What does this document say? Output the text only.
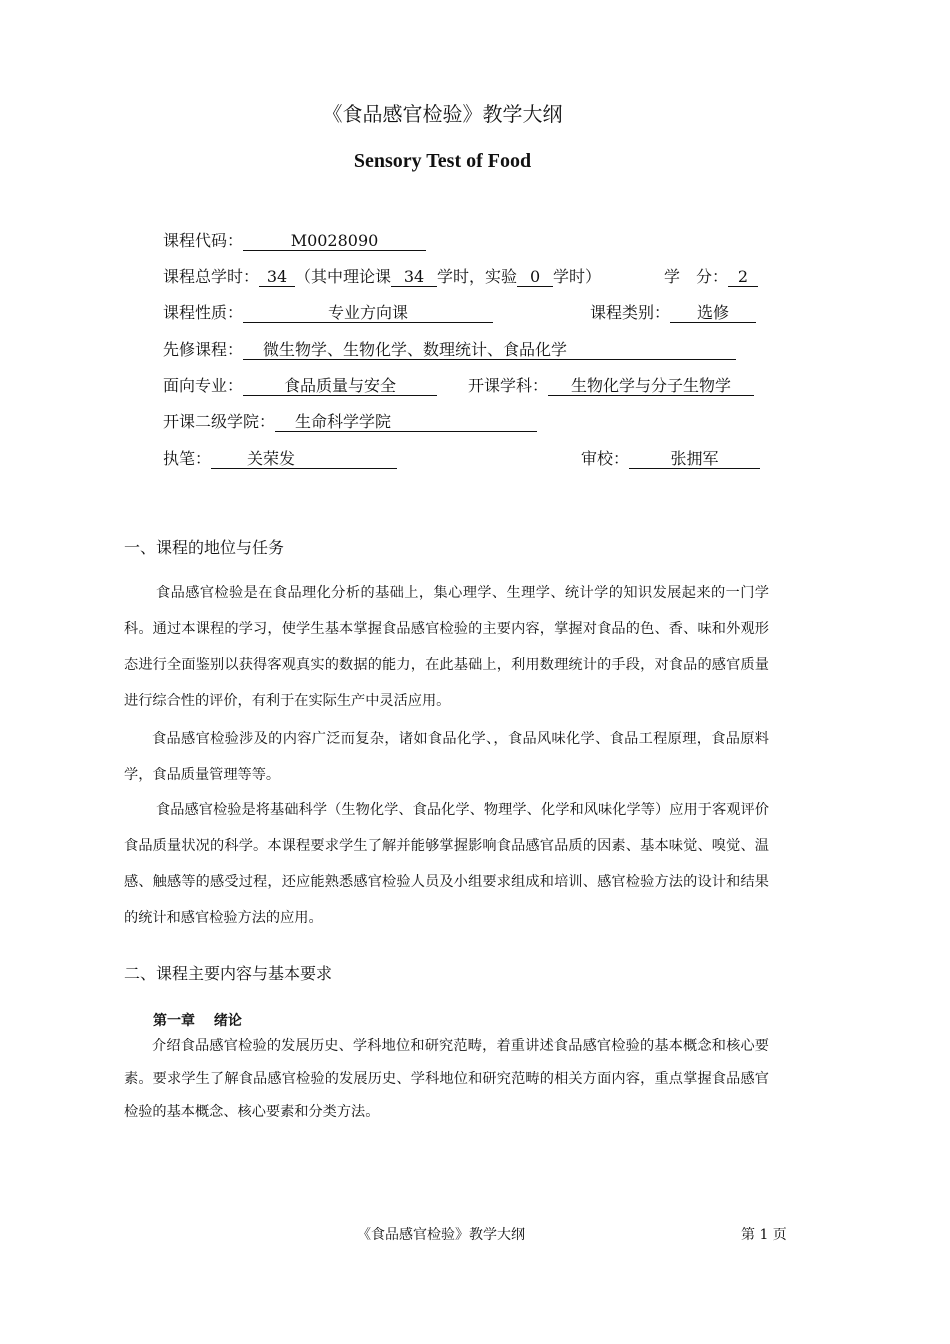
《食品感官检验》教学大纲
Sensory Test of Food
课程代码：	M0028090
课程总学时： 34 （其中理论课 34 学时，实验 0 学时）	学　分： 2
课程性质：	专业方向课	课程类别： 选修
先修课程： 微生物学、生物化学、数理统计、食品化学
面向专业：	食品质量与安全	开课学科： 生物化学与分子生物学
开课二级学院： 生命科学学院
执笔： 关荣发	审校：	张拥军
一、课程的地位与任务
食品感官检验是在食品理化分析的基础上，集心理学、生理学、统计学的知识发展起来的一门学科。通过本课程的学习，使学生基本掌握食品感官检验的主要内容，掌握对食品的色、香、味和外观形态进行全面鉴别以获得客观真实的数据的能力，在此基础上，利用数理统计的手段，对食品的感官质量进行综合性的评价，有利于在实际生产中灵活应用。
食品感官检验涉及的内容广泛而复杂，诸如食品化学、，食品风味化学、食品工程原理，食品原料学，食品质量管理等等。
食品感官检验是将基础科学（生物化学、食品化学、物理学、化学和风味化学等）应用于客观评价食品质量状况的科学。本课程要求学生了解并能够掌握影响食品感官品质的因素、基本味觉、嗅觉、温感、触感等的感受过程，还应能熟悉感官检验人员及小组要求组成和培训、感官检验方法的设计和结果的统计和感官检验方法的应用。
二、课程主要内容与基本要求
第一章　 绪论
介绍食品感官检验的发展历史、学科地位和研究范畴，着重讲述食品感官检验的基本概念和核心要素。要求学生了解食品感官检验的发展历史、学科地位和研究范畴的相关方面内容，重点掌握食品感官检验的基本概念、核心要素和分类方法。
《食品感官检验》教学大纲	第 1 页
